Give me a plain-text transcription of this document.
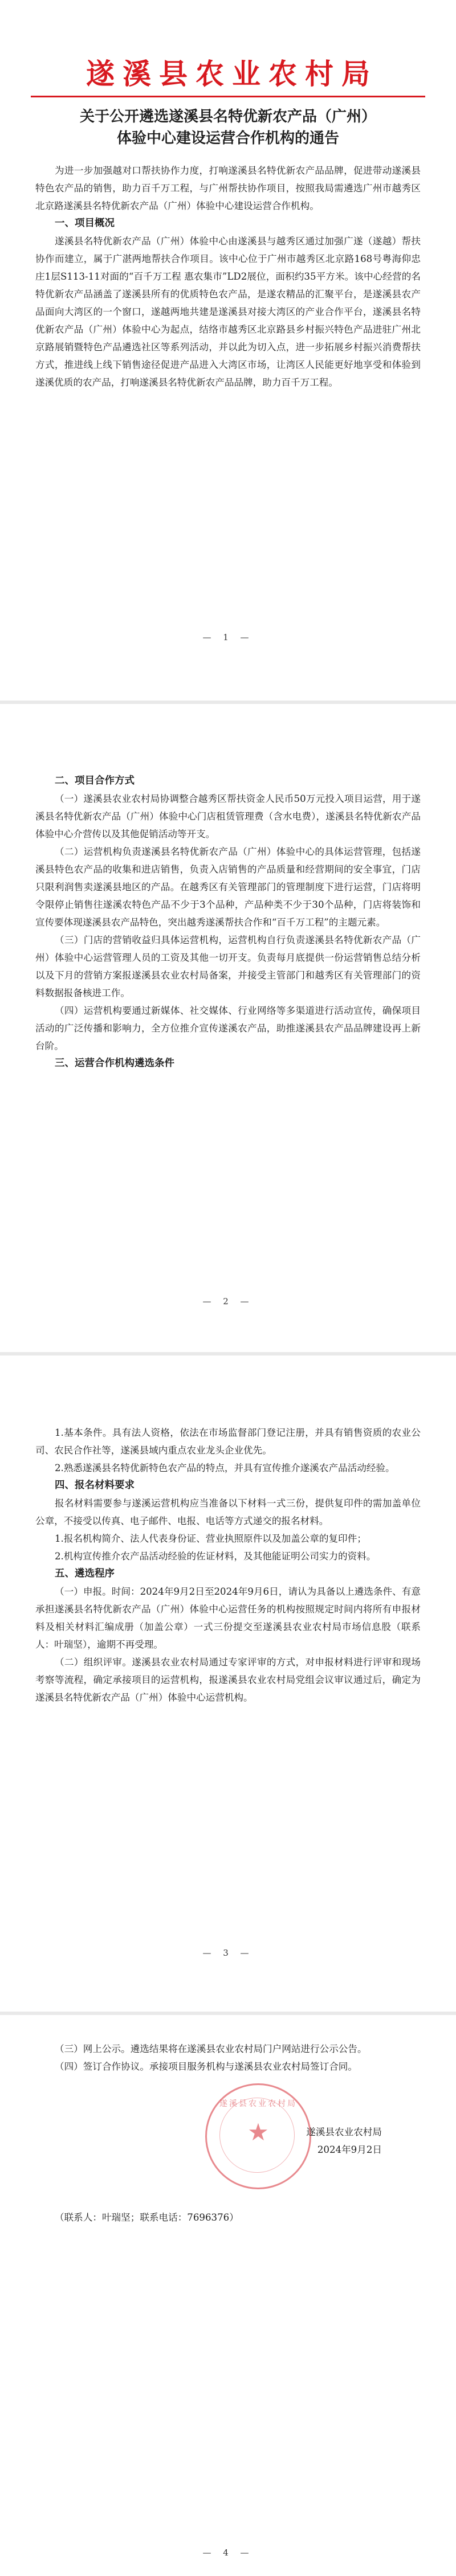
遂溪县农业农村局

关于公开遴选遂溪县名特优新农产品（广州）

体验中心建设运营合作机构的通告

为进一步加强越对口帮扶协作力度，打响遂溪县名特优新农产品品牌，促进带动遂溪县特色农产品的销售，助力百千万工程，与广州帮扶协作项目，按照我局需遴选广州市越秀区北京路遂溪县名特优新农产品（广州）体验中心建设运营合作机构。

一、项目概况

遂溪县名特优新农产品（广州）体验中心由遂溪县与越秀区通过加强广遂（遂越）帮扶协作而建立，属于广湛两地帮扶合作项目。该中心位于广州市越秀区北京路168号粤海仰忠庄1层S113-11对面的“百千万工程 惠农集市”LD2展位，面积约35平方米。该中心经营的名特优新农产品涵盖了遂溪县所有的优质特色农产品，是遂农精品的汇聚平台，是遂溪县农产品面向大湾区的一个窗口，遂越两地共建是遂溪县对接大湾区的产业合作平台，遂溪县名特优新农产品（广州）体验中心为起点，结络市越秀区北京路县乡村振兴特色产品进驻广州北京路展销暨特色产品遴选社区等系列活动，并以此为切入点，进一步拓展乡村振兴消费帮扶方式，推进线上线下销售途径促进产品进入大湾区市场，让湾区人民能更好地享受和体验到遂溪优质的农产品，打响遂溪县名特优新农产品品牌，助力百千万工程。

— 1 —
二、项目合作方式

（一）遂溪县农业农村局协调整合越秀区帮扶资金人民币50万元投入项目运营，用于遂溪县名特优新农产品（广州）体验中心门店租赁管理费（含水电费），遂溪县名特优新农产品体验中心介营传以及其他促销活动等开支。

（二）运营机构负责遂溪县名特优新农产品（广州）体验中心的具体运营管理，包括遂溪县特色农产品的收集和进店销售，负责入店销售的产品质量和经营期间的安全事宜，门店只限利润售卖遂溪县地区的产品。在越秀区有关管理部门的管理制度下进行运营，门店将明令限停止销售往遂溪农特色产品不少于3个品种，产品种类不少于30个品种，门店将装饰和宣传要体现遂溪县农产品特色，突出越秀遂溪帮扶合作和“百千万工程”的主题元素。

（三）门店的营销收益归具体运营机构，运营机构自行负责遂溪县名特优新农产品（广州）体验中心运营管理人员的工资及其他一切开支。负责每月底提供一份运营销售总结分析以及下月的营销方案报遂溪县农业农村局备案，并接受主管部门和越秀区有关管理部门的资料数据报备核进工作。

（四）运营机构要通过新媒体、社交媒体、行业网络等多渠道进行活动宣传，确保项目活动的广泛传播和影响力，全方位推介宣传遂溪农产品，助推遂溪县农产品品牌建设再上新台阶。

三、运营合作机构遴选条件
— 2 —

1.基本条件。具有法人资格，依法在市场监督部门登记注册，并具有销售资质的农业公司、农民合作社等，遂溪县域内重点农业龙头企业优先。

2.熟悉遂溪县名特优新特色农产品的特点，并具有宣传推介遂溪农产品活动经验。

四、报名材料要求

报名材料需要参与遂溪运营机构应当准备以下材料一式三份，提供复印件的需加盖单位公章，不接受以传真、电子邮件、电报、电话等方式递交的报名材料。

1.报名机构简介、法人代表身份证、营业执照原件以及加盖公章的复印件；

2.机构宣传推介农产品活动经验的佐证材料，及其他能证明公司实力的资料。

五、遴选程序

（一）申报。时间：2024年9月2日至2024年9月6日，请认为具备以上遴选条件、有意承担遂溪县名特优新农产品（广州）体验中心运营任务的机构按照规定时间内将所有申报材料及相关材料汇编成册（加盖公章）一式三份提交至遂溪县农业农村局市场信息股（联系人：叶瑞坚），逾期不再受理。

（二）组织评审。遂溪县农业农村局通过专家评审的方式，对申报材料进行评审和现场考察等流程，确定承接项目的运营机构，报遂溪县农业农村局党组会议审议通过后，确定为遂溪县名特优新农产品（广州）体验中心运营机构。

— 3 —

（三）网上公示。遴选结果将在遂溪县农业农村局门户网站进行公示公告。

（四）签订合作协议。承接项目服务机构与遂溪县农业农村局签订合同。

遂溪县农业农村局
★	遂溪县农业农村局
2024年9月2日

（联系人：叶瑞坚；联系电话：7696376）

— 4 —
